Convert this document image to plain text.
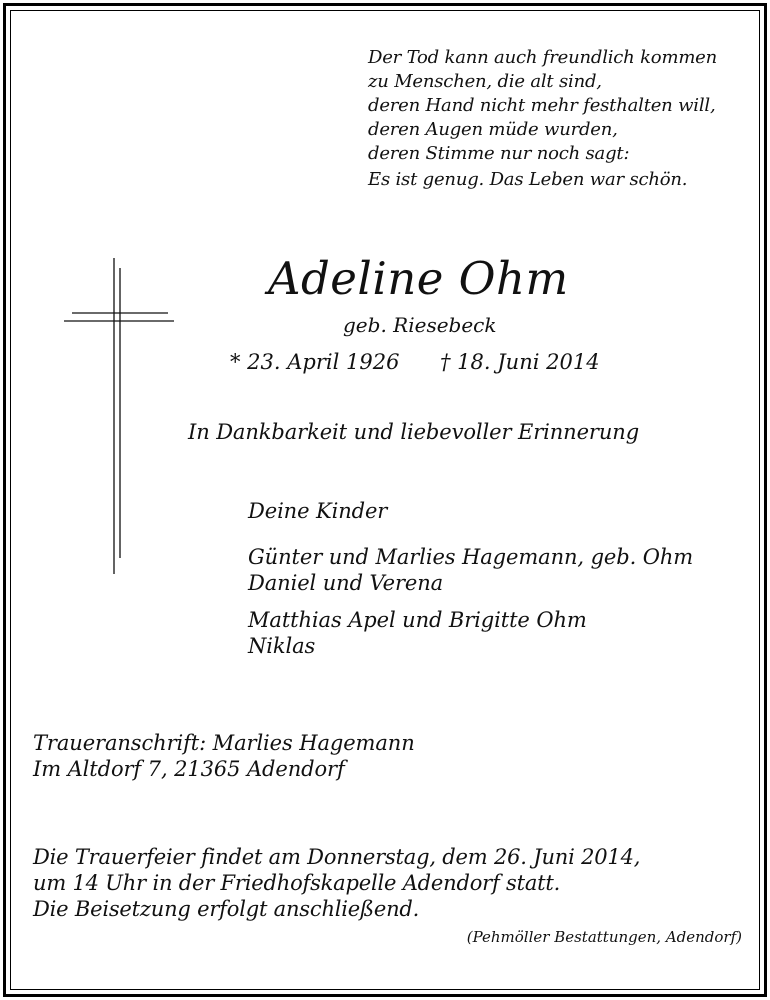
Der Tod kann auch freundlich kommen
zu Menschen, die alt sind,
deren Hand nicht mehr festhalten will,
deren Augen müde wurden,
deren Stimme nur noch sagt:
Es ist genug. Das Leben war schön.
Adeline Ohm
geb. Riesebeck
* 23. April 1926 † 18. Juni 2014
In Dankbarkeit und liebevoller Erinnerung
Deine Kinder
Günter und Marlies Hagemann, geb. Ohm
Daniel und Verena
Matthias Apel und Brigitte Ohm
Niklas
Traueranschrift: Marlies Hagemann
Im Altdorf 7, 21365 Adendorf
Die Trauerfeier findet am Donnerstag, dem 26. Juni 2014,
um 14 Uhr in der Friedhofskapelle Adendorf statt.
Die Beisetzung erfolgt anschließend.
(Pehmöller Bestattungen, Adendorf)
